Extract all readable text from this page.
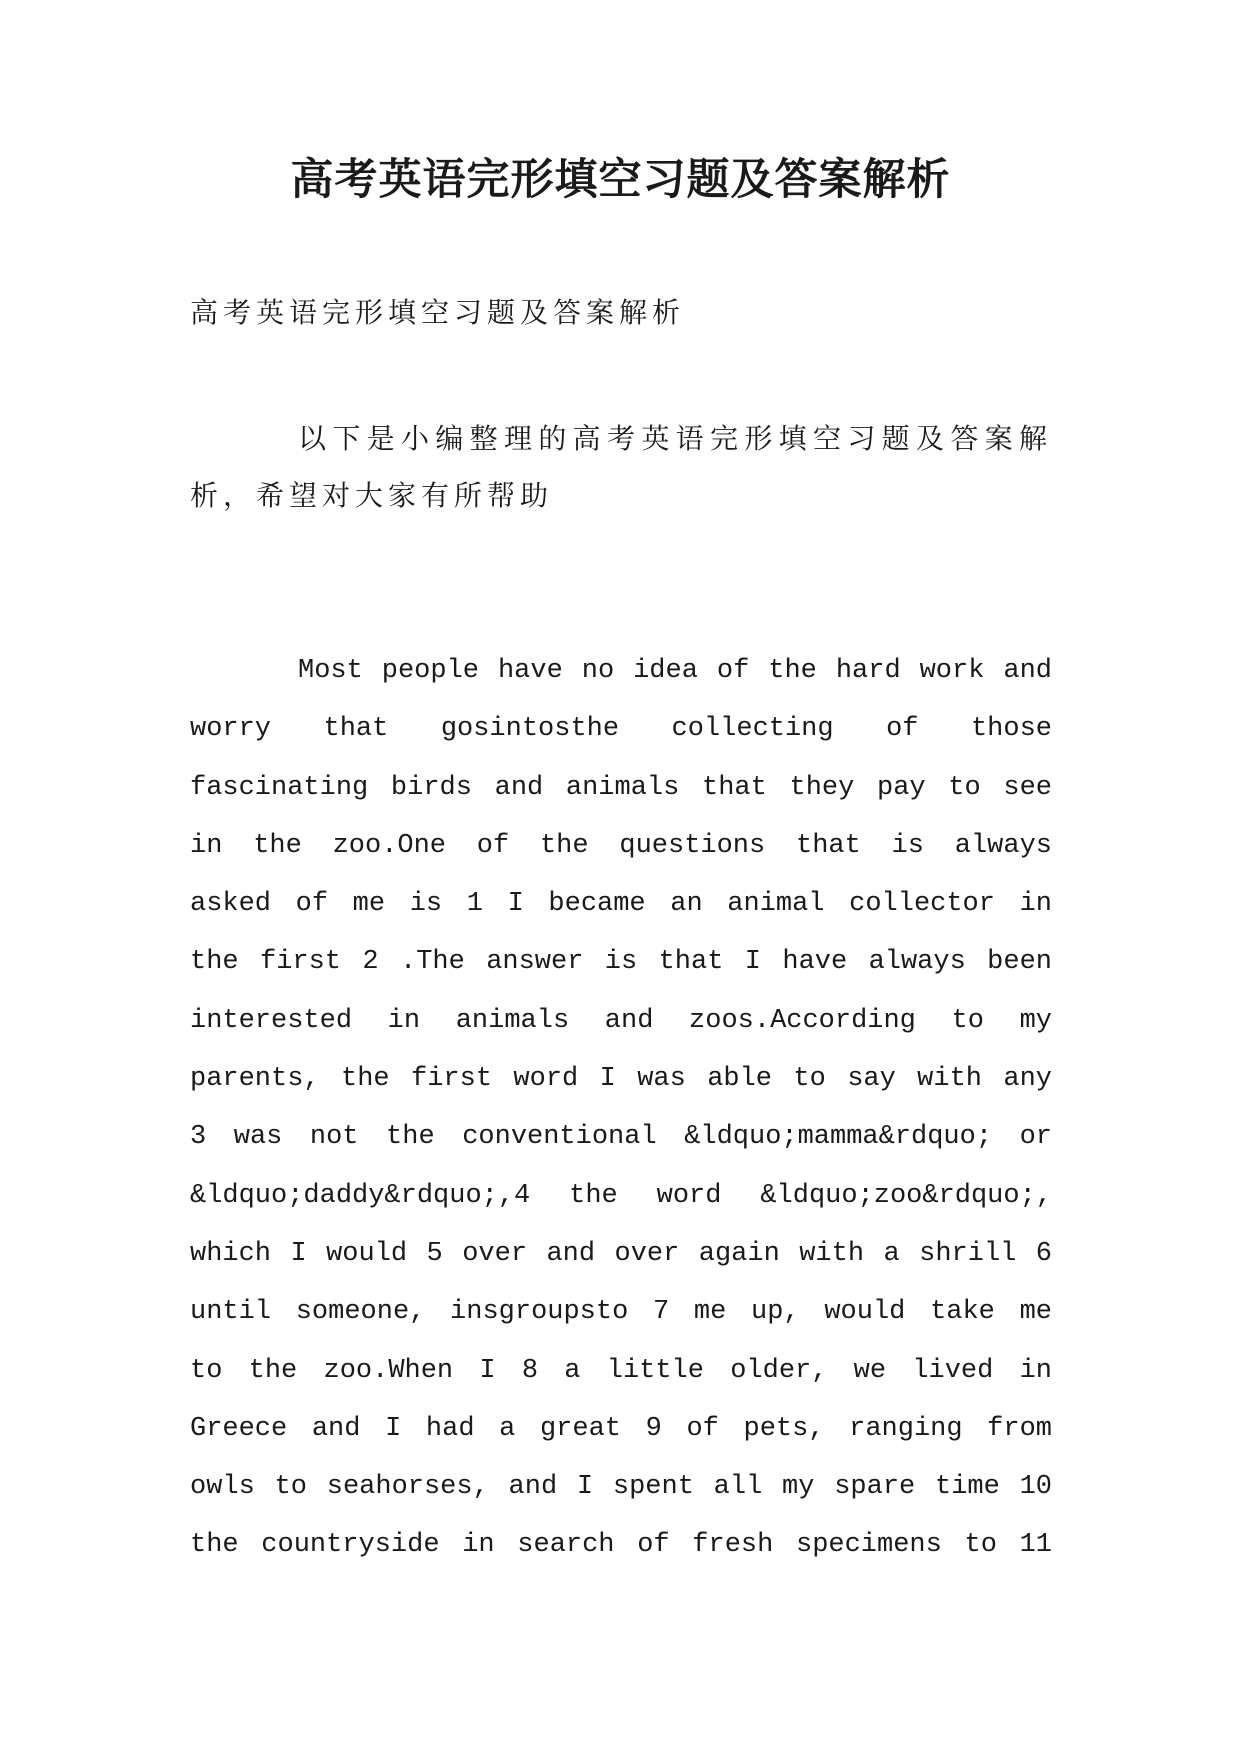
高考英语完形填空习题及答案解析

高考英语完形填空习题及答案解析

以下是小编整理的高考英语完形填空习题及答案解析，希望对大家有所帮助

Most people have no idea of the hard work and
worry that gosintosthe collecting of those
fascinating birds and animals that they pay to see
in the zoo.One of the questions that is always
asked of me is 1 I became an animal collector in
the first 2 .The answer is that I have always been
interested in animals and zoos.According to my
parents, the first word I was able to say with any
3 was not the conventional &ldquo;mamma&rdquo; or
&ldquo;daddy&rdquo;,4 the word &ldquo;zoo&rdquo;,
which I would 5 over and over again with a shrill 6
until someone, insgroupsto 7 me up, would take me
to the zoo.When I 8 a little older, we lived in
Greece and I had a great 9 of pets, ranging from
owls to seahorses, and I spent all my spare time 10
the countryside in search of fresh specimens to 11
